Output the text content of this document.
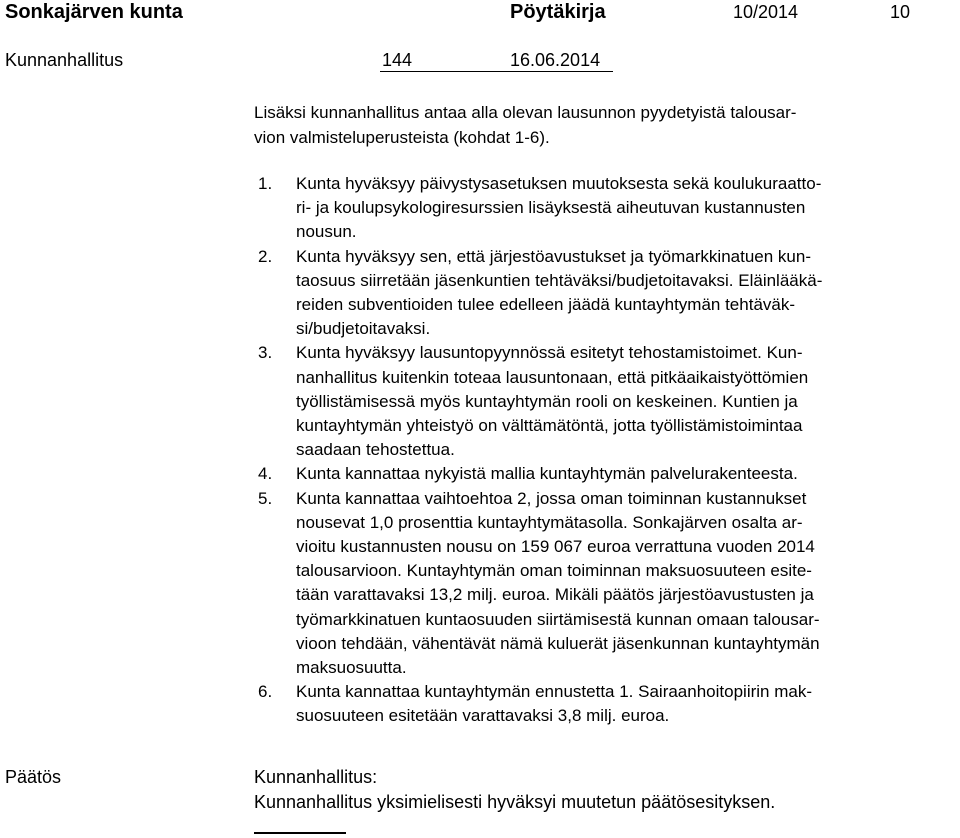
Sonkajärven kunta	Pöytäkirja	10/2014	10
Kunnanhallitus	144	16.06.2014
Lisäksi kunnanhallitus antaa alla olevan lausunnon pyydetyistä talousar-
vion valmisteluperusteista (kohdat 1-6).
1.	Kunta hyväksyy päivystysasetuksen muutoksesta sekä koulukuraatto-
ri- ja koulupsykologiresurssien lisäyksestä aiheutuvan kustannusten
nousun.
2.	Kunta hyväksyy sen, että järjestöavustukset ja työmarkkinatuen kun-
taosuus siirretään jäsenkuntien tehtäväksi/budjetoitavaksi. Eläinlääkä-
reiden subventioiden tulee edelleen jäädä kuntayhtymän tehtäväk-
si/budjetoitavaksi.
3.	Kunta hyväksyy lausuntopyynnössä esitetyt tehostamistoimet. Kun-
nanhallitus kuitenkin toteaa lausuntonaan, että pitkäaikaistyöttömien
työllistämisessä myös kuntayhtymän rooli on keskeinen. Kuntien ja
kuntayhtymän yhteistyö on välttämätöntä, jotta työllistämistoimintaa
saadaan tehostettua.
4.	Kunta kannattaa nykyistä mallia kuntayhtymän palvelurakenteesta.
5.	Kunta kannattaa vaihtoehtoa 2, jossa oman toiminnan kustannukset
nousevat 1,0 prosenttia kuntayhtymätasolla. Sonkajärven osalta ar-
vioitu kustannusten nousu on 159 067 euroa verrattuna vuoden 2014
talousarvioon. Kuntayhtymän oman toiminnan maksuosuuteen esite-
tään varattavaksi 13,2 milj. euroa. Mikäli päätös järjestöavustusten ja
työmarkkinatuen kuntaosuuden siirtämisestä kunnan omaan talousar-
vioon tehdään, vähentävät nämä kuluerät jäsenkunnan kuntayhtymän
maksuosuutta.
6.	Kunta kannattaa kuntayhtymän ennustetta 1. Sairaanhoitopiirin mak-
suosuuteen esitetään varattavaksi 3,8 milj. euroa.
Päätös	Kunnanhallitus:
Kunnanhallitus yksimielisesti hyväksyi muutetun päätösesityksen.
